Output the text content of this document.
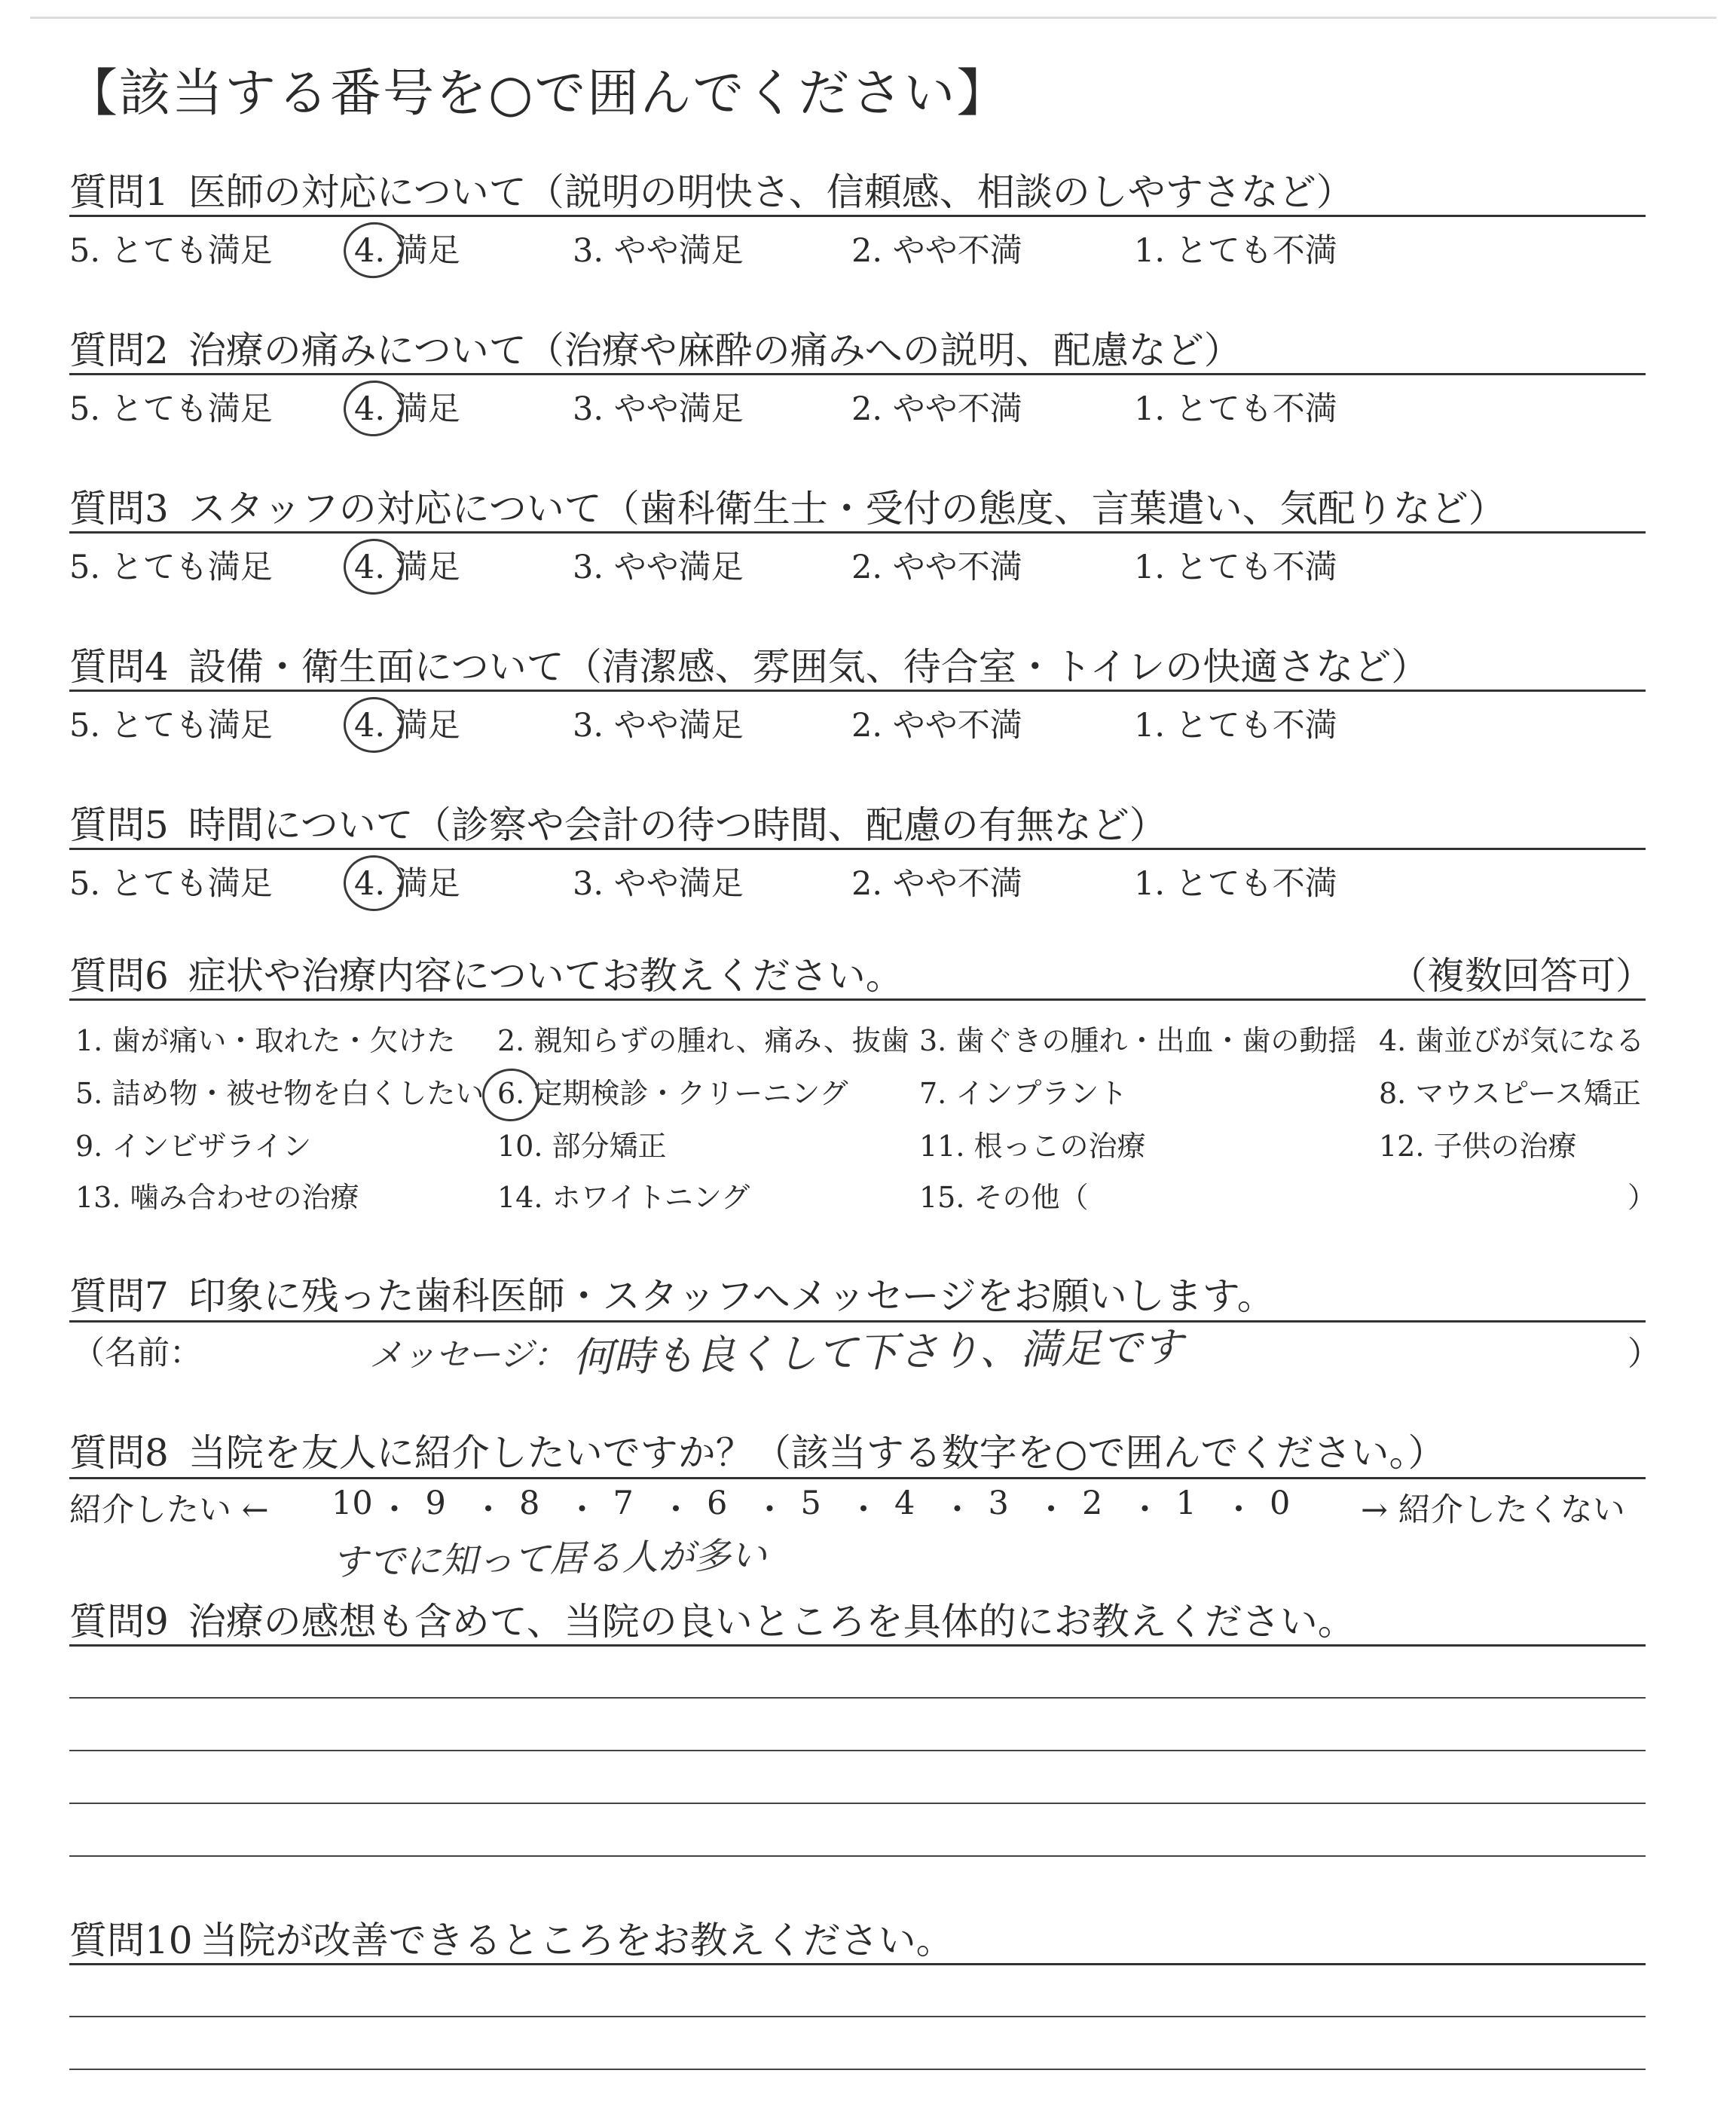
【該当する番号を○で囲んでください】
質問1 医師の対応について（説明の明快さ、信頼感、相談のしやすさなど）
5. とても満足	4. 満足	3. やや満足	2. やや不満	1. とても不満
質問2 治療の痛みについて（治療や麻酔の痛みへの説明、配慮など）
5. とても満足	4. 満足	3. やや満足	2. やや不満	1. とても不満
質問3 スタッフの対応について（歯科衛生士・受付の態度、言葉遣い、気配りなど）
5. とても満足	4. 満足	3. やや満足	2. やや不満	1. とても不満
質問4 設備・衛生面について（清潔感、雰囲気、待合室・トイレの快適さなど）
5. とても満足	4. 満足	3. やや満足	2. やや不満	1. とても不満
質問5 時間について（診察や会計の待つ時間、配慮の有無など）
5. とても満足	4. 満足	3. やや満足	2. やや不満	1. とても不満
質問6 症状や治療内容についてお教えください。	（複数回答可）
1. 歯が痛い・取れた・欠けた 2. 親知らずの腫れ、痛み、抜歯 3. 歯ぐきの腫れ・出血・歯の動揺 4. 歯並びが気になる
5. 詰め物・被せ物を白くしたい 6. 定期検診・クリーニング 7. インプラント	8. マウスピース矯正
9. インビザライン	10. 部分矯正	11. 根っこの治療	12. 子供の治療
13. 噛み合わせの治療	14. ホワイトニング	15. その他（	）
質問7 印象に残った歯科医師・スタッフへメッセージをお願いします。
（名前：	メッセージ： 何時も良くして下さり、満足です	）
質問8 当院を友人に紹介したいですか？（該当する数字を○で囲んでください。）
紹介したい ← 10 ・ 9 ・ 8 ・ 7 ・ 6 ・ 5 ・ 4 ・ 3 ・ 2 ・ 1 ・ 0 → 紹介したくない
すでに知って居る人が多い
質問9 治療の感想も含めて、当院の良いところを具体的にお教えください。
質問10 当院が改善できるところをお教えください。
